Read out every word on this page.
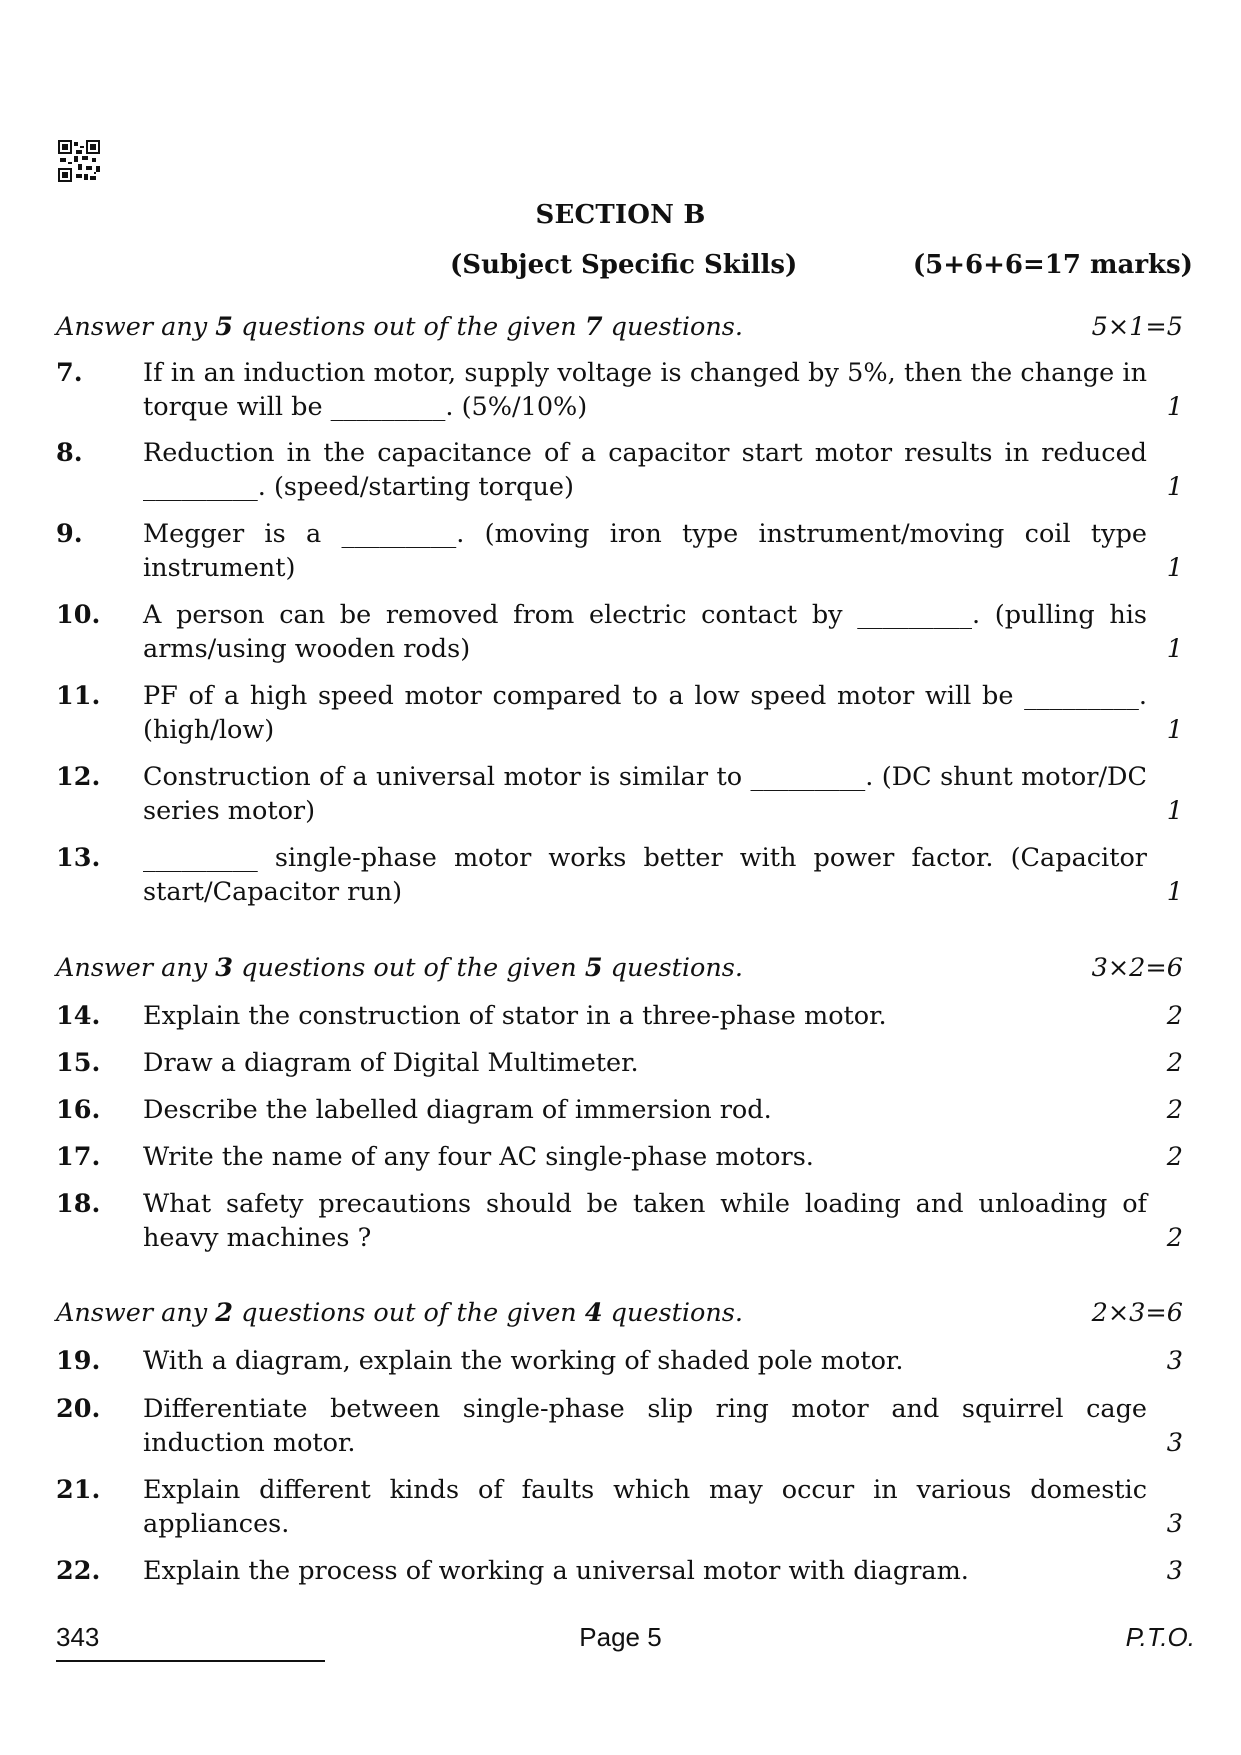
SECTION B
(Subject Specific Skills)	(5+6+6=17 marks)
Answer any 5 questions out of the given 7 questions.	5×1=5
7. If in an induction motor, supply voltage is changed by 5%, then the change in torque will be _________. (5%/10%)	1
8. Reduction in the capacitance of a capacitor start motor results in reduced _________. (speed/starting torque)	1
9. Megger is a _________. (moving iron type instrument/moving coil type instrument)	1
10. A person can be removed from electric contact by _________. (pulling his arms/using wooden rods)	1
11. PF of a high speed motor compared to a low speed motor will be _________. (high/low)	1
12. Construction of a universal motor is similar to _________. (DC shunt motor/DC series motor)	1
13. _________ single-phase motor works better with power factor. (Capacitor start/Capacitor run)	1
Answer any 3 questions out of the given 5 questions.	3×2=6
14. Explain the construction of stator in a three-phase motor.	2
15. Draw a diagram of Digital Multimeter.	2
16. Describe the labelled diagram of immersion rod.	2
17. Write the name of any four AC single-phase motors.	2
18. What safety precautions should be taken while loading and unloading of heavy machines ?	2
Answer any 2 questions out of the given 4 questions.	2×3=6
19. With a diagram, explain the working of shaded pole motor.	3
20. Differentiate between single-phase slip ring motor and squirrel cage induction motor.	3
21. Explain different kinds of faults which may occur in various domestic appliances.	3
22. Explain the process of working a universal motor with diagram.	3
343	Page 5	P.T.O.
